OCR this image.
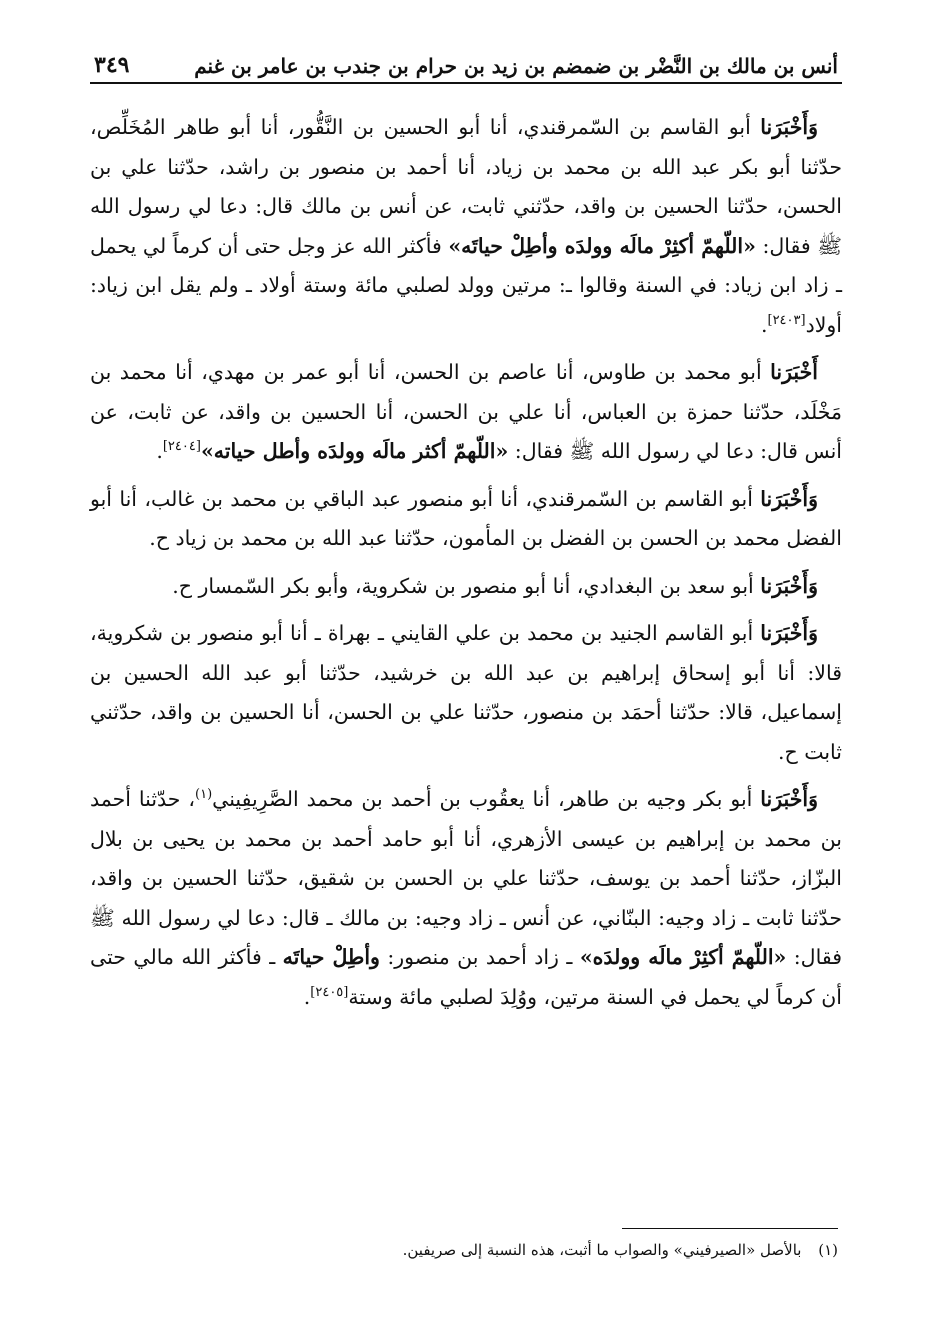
أنس بن مالك بن النَّضْر بن ضمضم بن زيد بن حرام بن جندب بن عامر بن غنم
٣٤٩

وَأَخْبَرَنا أبو القاسم بن السّمرقندي، أنا أبو الحسين بن النَّقُّور، أنا أبو طاهر المُخَلِّص، حدّثنا أبو بكر عبد الله بن محمد بن زياد، أنا أحمد بن منصور بن راشد، حدّثنا علي بن الحسن، حدّثنا الحسين بن واقد، حدّثني ثابت، عن أنس بن مالك قال: دعا لي رسول الله ﷺ فقال: «اللّهمّ أكثِرْ مالَه وولدَه وأطِلْ حياتَه» فأكثر الله عز وجل حتى أن كرماً لي يحمل ـ زاد ابن زياد: في السنة وقالوا ـ: مرتين وولد لصلبي مائة وستة أولاد ـ ولم يقل ابن زياد: أولاد[٢٤٠٣].

أَخْبَرَنا أبو محمد بن طاوس، أنا عاصم بن الحسن، أنا أبو عمر بن مهدي، أنا محمد بن مَخْلَد، حدّثنا حمزة بن العباس، أنا علي بن الحسن، أنا الحسين بن واقد، عن ثابت، عن أنس قال: دعا لي رسول الله ﷺ فقال: «اللّهمّ أكثر مالَه وولدَه وأطل حياته»[٢٤٠٤].

وَأَخْبَرَنا أبو القاسم بن السّمرقندي، أنا أبو منصور عبد الباقي بن محمد بن غالب، أنا أبو الفضل محمد بن الحسن بن الفضل بن المأمون، حدّثنا عبد الله بن محمد بن زياد ح.

وَأَخْبَرَنا أبو سعد بن البغدادي، أنا أبو منصور بن شكروية، وأبو بكر السّمسار ح.

وَأَخْبَرَنا أبو القاسم الجنيد بن محمد بن علي القايني ـ بهراة ـ أنا أبو منصور بن شكروية، قالا: أنا أبو إسحاق إبراهيم بن عبد الله بن خرشيد، حدّثنا أبو عبد الله الحسين بن إسماعيل، قالا: حدّثنا أحمَد بن منصور، حدّثنا علي بن الحسن، أنا الحسين بن واقد، حدّثني ثابت ح.

وَأَخْبَرَنا أبو بكر وجيه بن طاهر، أنا يعقُوب بن أحمد بن محمد الصَّرِيفِيني$^{(١)}$، حدّثنا أحمد بن محمد بن إبراهيم بن عيسى الأزهري، أنا أبو حامد أحمد بن محمد بن يحيى بن بلال البزّاز، حدّثنا أحمد بن يوسف، حدّثنا علي بن الحسن بن شقيق، حدّثنا الحسين بن واقد، حدّثنا ثابت ـ زاد وجيه: البنّاني، عن أنس ـ زاد وجيه: بن مالك ـ قال: دعا لي رسول الله ﷺ فقال: «اللّهمّ أكثِرْ مالَه وولدَه» ـ زاد أحمد بن منصور: وأطِلْ حياتَه ـ فأكثر الله مالي حتى أن كرماً لي يحمل في السنة مرتين، ووُلِدَ لصلبي مائة وستة[٢٤٠٥].

(١) بالأصل «الصيرفيني» والصواب ما أثبت، هذه النسبة إلى صريفين.
